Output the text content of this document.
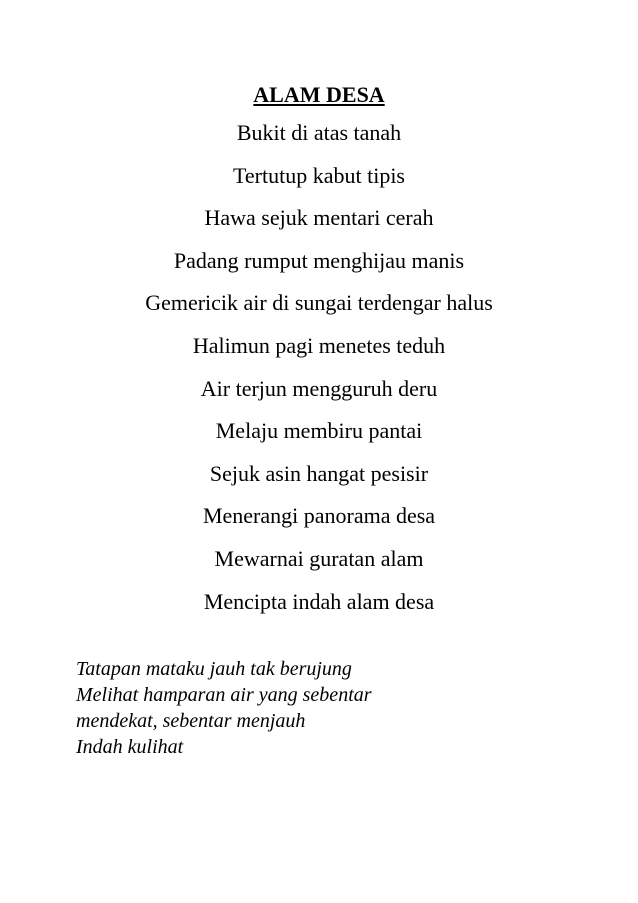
ALAM DESA
Bukit di atas tanah
Tertutup kabut tipis
Hawa sejuk mentari cerah
Padang rumput menghijau manis
Gemericik air di sungai terdengar halus
Halimun pagi menetes teduh
Air terjun mengguruh deru
Melaju membiru pantai
Sejuk asin hangat pesisir
Menerangi panorama desa
Mewarnai guratan alam
Mencipta indah alam desa
Tatapan mataku jauh tak berujung
Melihat hamparan air yang sebentar
mendekat, sebentar menjauh
Indah kulihat
